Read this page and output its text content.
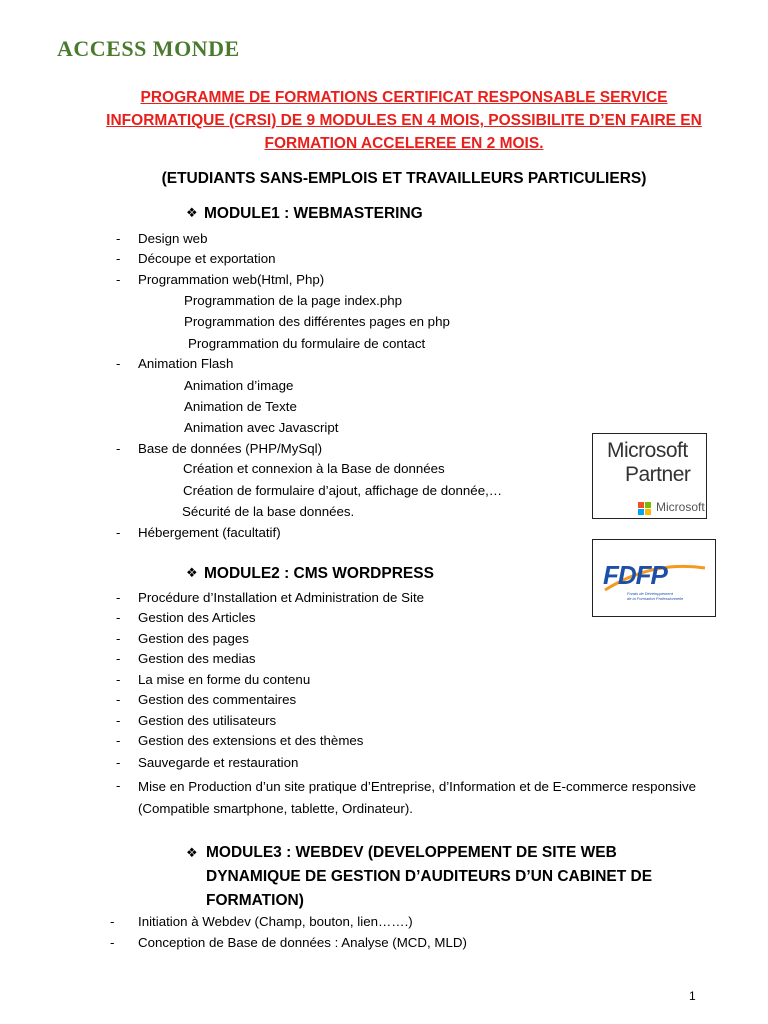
ACCESS MONDE
PROGRAMME DE FORMATIONS CERTIFICAT RESPONSABLE SERVICE
INFORMATIQUE (CRSI) DE 9 MODULES EN 4 MOIS, POSSIBILITE D’EN FAIRE EN
FORMATION ACCELEREE EN 2 MOIS.
(ETUDIANTS SANS-EMPLOIS ET TRAVAILLEURS PARTICULIERS)
❖ MODULE1 : WEBMASTERING
- Design web
- Découpe et exportation
- Programmation web(Html, Php)
Programmation de la page index.php
Programmation des différentes pages en php
Programmation du formulaire de contact
- Animation Flash
Animation d’image
Animation de Texte
Animation avec Javascript
- Base de données (PHP/MySql)
Création et connexion à la Base de données
Création de formulaire d’ajout, affichage de donnée,…
Sécurité de la base données.
- Hébergement (facultatif)
Microsoft
Partner
Microsoft
FDFP
Fonds de Développement
de la Formation Professionnelle
❖ MODULE2 : CMS WORDPRESS
- Procédure d’Installation et Administration de Site
- Gestion des Articles
- Gestion des pages
- Gestion des medias
- La mise en forme du contenu
- Gestion des commentaires
- Gestion des utilisateurs
- Gestion des extensions et des thèmes
- Sauvegarde et restauration
- Mise en Production d’un site pratique d’Entreprise, d’Information et de E-commerce responsive (Compatible smartphone, tablette, Ordinateur).
❖ MODULE3 : WEBDEV (DEVELOPPEMENT DE SITE WEB DYNAMIQUE DE GESTION D’AUDITEURS D’UN CABINET DE FORMATION)
- Initiation à Webdev (Champ, bouton, lien…….)
- Conception de Base de données : Analyse (MCD, MLD)
1
